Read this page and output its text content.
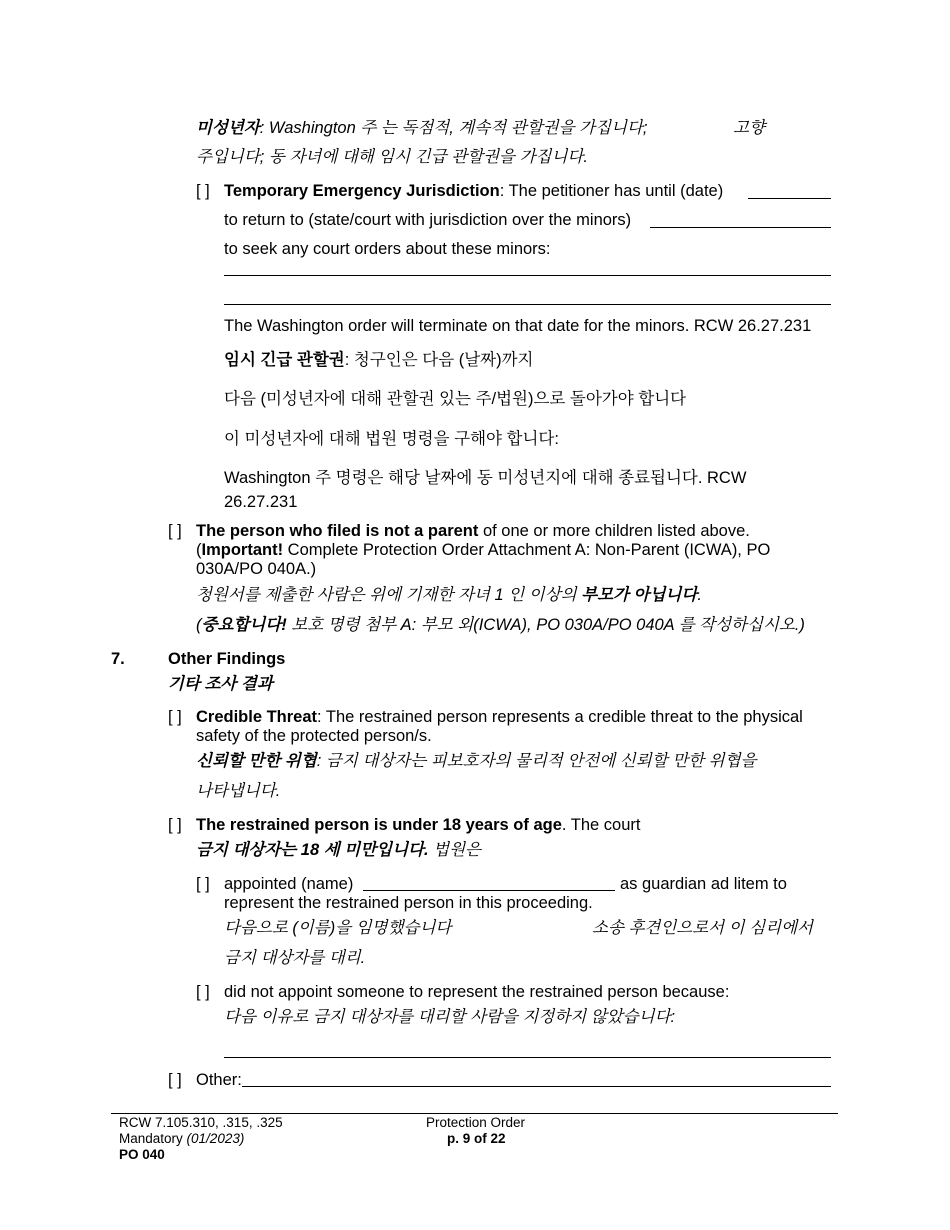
미성년자: Washington 주 는 독점적, 계속적 관할권을 가집니다;	고향
주입니다; 동 자녀에 대해 임시 긴급 관할권을 가집니다.
[ ] Temporary Emergency Jurisdiction: The petitioner has until (date)
to return to (state/court with jurisdiction over the minors)
to seek any court orders about these minors:
The Washington order will terminate on that date for the minors. RCW 26.27.231
임시 긴급 관할권: 청구인은 다음 (날짜)까지
다음 (미성년자에 대해 관할권 있는 주/법원)으로 돌아가야 합니다
이 미성년자에 대해 법원 명령을 구해야 합니다:
Washington 주 명령은 해당 날짜에 동 미성년지에 대해 종료됩니다. RCW
26.27.231
[ ] The person who filed is not a parent of one or more children listed above.
(Important! Complete Protection Order Attachment A: Non-Parent (ICWA), PO
030A/PO 040A.)
청원서를 제출한 사람은 위에 기재한 자녀 1 인 이상의 부모가 아닙니다.
(중요합니다! 보호 명령 첨부 A: 부모 외(ICWA), PO 030A/PO 040A 를 작성하십시오.)
7.	Other Findings
기타 조사 결과
[ ] Credible Threat: The restrained person represents a credible threat to the physical
safety of the protected person/s.
신뢰할 만한 위협: 금지 대상자는 피보호자의 물리적 안전에 신뢰할 만한 위협을
나타냅니다.
[ ] The restrained person is under 18 years of age. The court
금지 대상자는 18 세 미만입니다. 법원은
[ ] appointed (name)	as guardian ad litem to
represent the restrained person in this proceeding.
다음으로 (이름)을 임명했습니다	소송 후견인으로서 이 심리에서
금지 대상자를 대리.
[ ] did not appoint someone to represent the restrained person because:
다음 이유로 금지 대상자를 대리할 사람을 지정하지 않았습니다:
[ ] Other:
RCW 7.105.310, .315, .325
Mandatory (01/2023)
PO 040
Protection Order
p. 9 of 22
